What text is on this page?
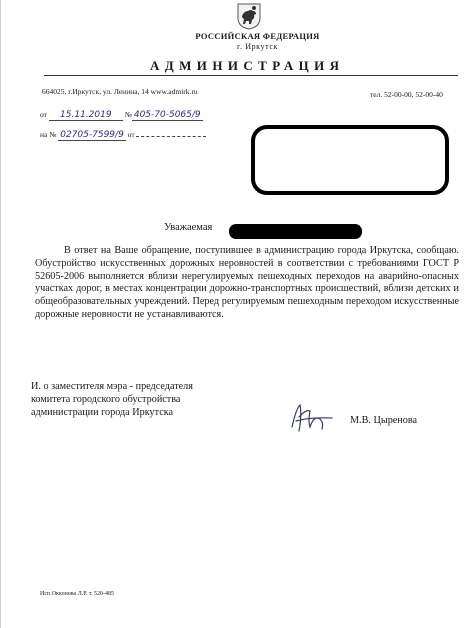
РОССИЙСКАЯ ФЕДЕРАЦИЯ
г. Иркутск
АДМИНИСТРАЦИЯ
664025, г.Иркутск, ул. Ленина, 14 www.admirk.ru	тел. 52-00-00, 52-00-40
от 15.11.2019 № 405-70-5065/9
на № 02705-7599/9 от
Уважаемая

В ответ на Ваше обращение, поступившее в администрацию города Иркутска, сообщаю. Обустройство искусственных дорожных неровностей в соответствии с требованиями ГОСТ Р 52605-2006 выполняется вблизи нерегулируемых пешеходных переходов на аварийно-опасных участках дорог, в местах концентрации дорожно-транспортных происшествий, вблизи детских и общеобразовательных учреждений. Перед регулируемым пешеходным переходом искусственные дорожные неровности не устанавливаются.

И. о заместителя мэра - председателя
комитета городского обустройства
администрации города Иркутска

М.В. Цыренова
Исп.Окконова Л.Р. т. 520-485
